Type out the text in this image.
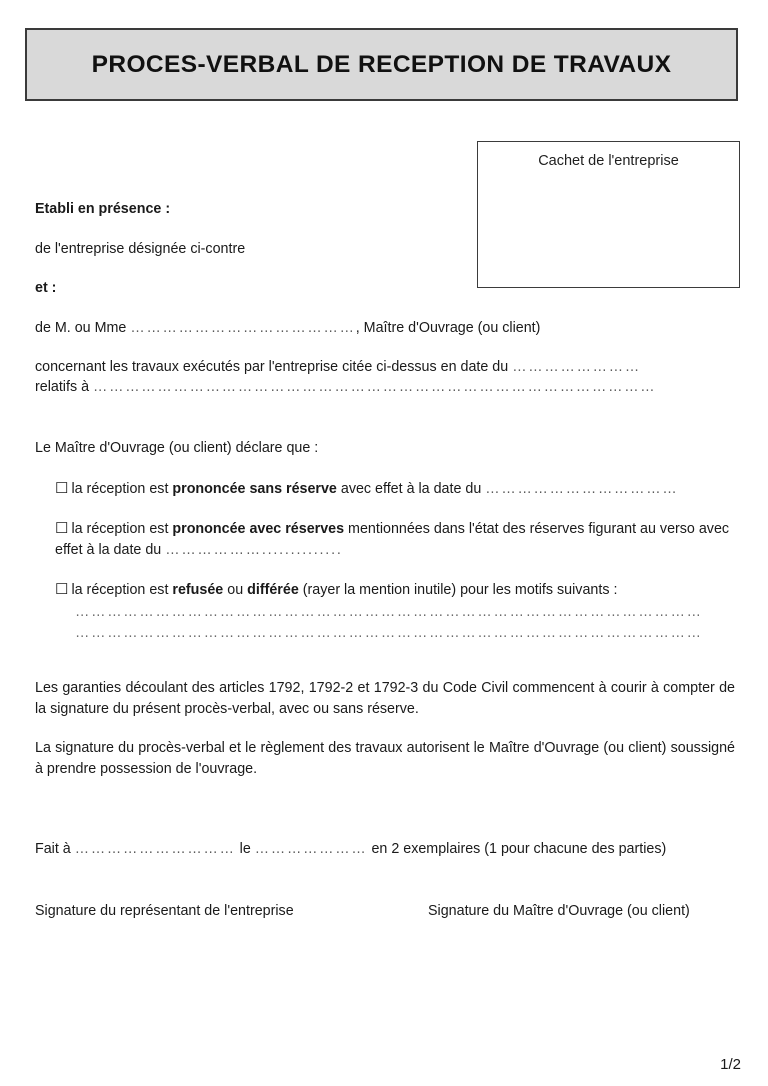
PROCES-VERBAL DE RECEPTION DE TRAVAUX
Cachet de l'entreprise
Etabli en présence :
de l'entreprise désignée ci-contre
et :
de M. ou Mme ……………………………………, Maître d'Ouvrage (ou client)
concernant les travaux exécutés par l'entreprise citée ci-dessus en date du ……………………
relatifs à ……………………………………………………………………………………………
Le Maître d'Ouvrage (ou client) déclare que :
☐ la réception est prononcée sans réserve avec effet à la date du ………………………………
☐ la réception est prononcée avec réserves mentionnées dans l'état des réserves figurant au verso avec effet à la date du ………………..............
☐ la réception est refusée ou différée (rayer la mention inutile) pour les motifs suivants :
………………………………………………………………………………………………………
………………………………………………………………………………………………………
Les garanties découlant des articles 1792, 1792-2 et 1792-3 du Code Civil commencent à courir à compter de la signature du présent procès-verbal, avec ou sans réserve.
La signature du procès-verbal et le règlement des travaux autorisent le Maître d'Ouvrage (ou client) soussigné à prendre possession de l'ouvrage.
Fait à ………………………… le ………………… en 2 exemplaires (1 pour chacune des parties)
Signature du représentant de l'entreprise	Signature du Maître d'Ouvrage (ou client)
1/2
